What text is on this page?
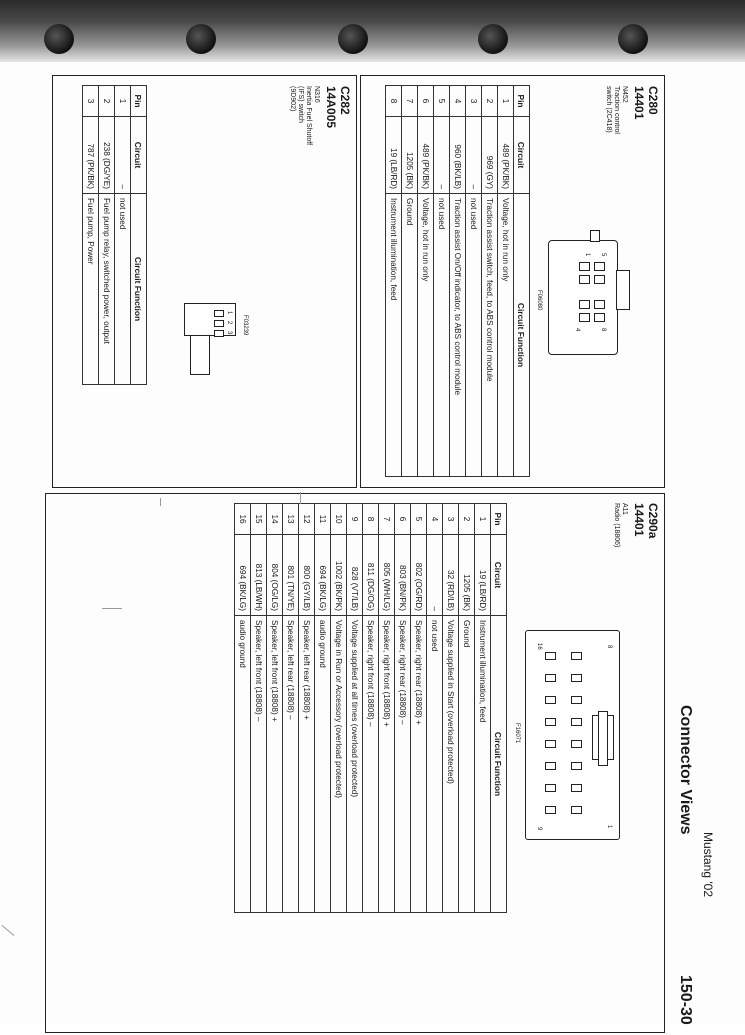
Connector Views
150-30
C280
14401
N452
Traction control
switch (2C418)
5
1
8
4
F06080
Pin	Circuit	Circuit Function
1	489 (PK/BK)	Voltage, hot in run only
2	969 (GY)	Traction assist switch, feed, to ABS control module
3	–	not used
4	960 (BK/LB)	Traction assist On/Off indicator, to ABS control module
5	–	not used
6	489 (PK/BK)	Voltage, hot in run only
7	1205 (BK)	Ground
8	19 (LB/RD)	Instrument illumination, feed
C282
14A005
N316
Inertia Fuel Shutoff
(IFS) switch
(9D902)
1
2
3 F03239
Pin	Circuit	Circuit Function
1	–	not used
2	238 (DG/YE)	Fuel pump relay, switched power, output
3	787 (PK/BK)	Fuel pump, Power
C290a
14401
A11
Radio (18806)
8
1
16
9
F16071
Pin	Circuit	Circuit Function
1	19 (LB/RD)	Instrument illumination, feed
2	1205 (BK)	Ground
3	32 (RD/LB)	Voltage supplied in Start (overload protected)
4	–	not used
5	802 (OG/RD)	Speaker, right rear (18808) +
6	803 (BN/PK)	Speaker, right rear (18808) –
7	805 (WH/LG)	Speaker, right front (18808) +
8	811 (DG/OG)	Speaker, right front (18808) –
9	828 (VT/LB)	Voltage supplied at all times (overload protected)
10	1002 (BK/PK)	Voltage in Run or Accessory (overload protected)
11	694 (BK/LG)	audio ground
12	800 (GY/LB)	Speaker, left rear (18808) +
13	801 (TN/YE)	Speaker, left rear (18808) –
14	804 (OG/LG)	Speaker, left front (18808) +
15	813 (LB/WH)	Speaker, left front (18808) –
16	694 (BK/LG)	audio ground
Mustang '02
